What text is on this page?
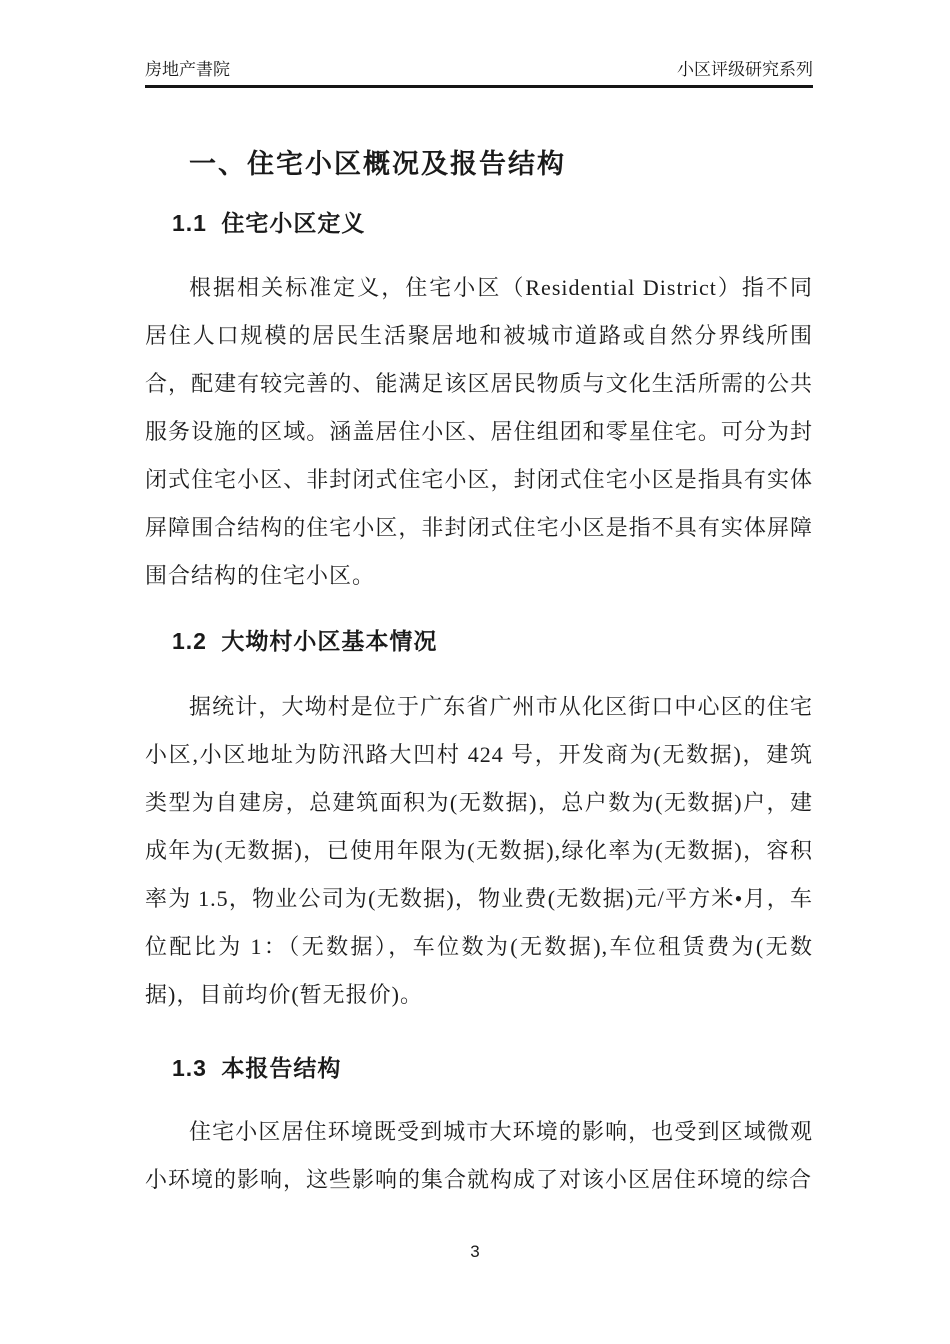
房地产書院	小区评级研究系列
一、住宅小区概况及报告结构
1.1 住宅小区定义

根据相关标准定义，住宅小区（Residential District）指不同居住人口规模的居民生活聚居地和被城市道路或自然分界线所围合，配建有较完善的、能满足该区居民物质与文化生活所需的公共服务设施的区域。涵盖居住小区、居住组团和零星住宅。可分为封闭式住宅小区、非封闭式住宅小区，封闭式住宅小区是指具有实体屏障围合结构的住宅小区，非封闭式住宅小区是指不具有实体屏障围合结构的住宅小区。

1.2 大坳村小区基本情况

据统计，大坳村是位于广东省广州市从化区街口中心区的住宅小区,小区地址为防汛路大凹村 424 号，开发商为(无数据)，建筑类型为自建房，总建筑面积为(无数据)，总户数为(无数据)户，建成年为(无数据)，已使用年限为(无数据),绿化率为(无数据)，容积率为 1.5，物业公司为(无数据)，物业费(无数据)元/平方米•月，车位配比为 1：（无数据），车位数为(无数据),车位租赁费为(无数据)，目前均价(暂无报价)。

1.3 本报告结构

住宅小区居住环境既受到城市大环境的影响，也受到区域微观小环境的影响，这些影响的集合就构成了对该小区居住环境的综合

3
